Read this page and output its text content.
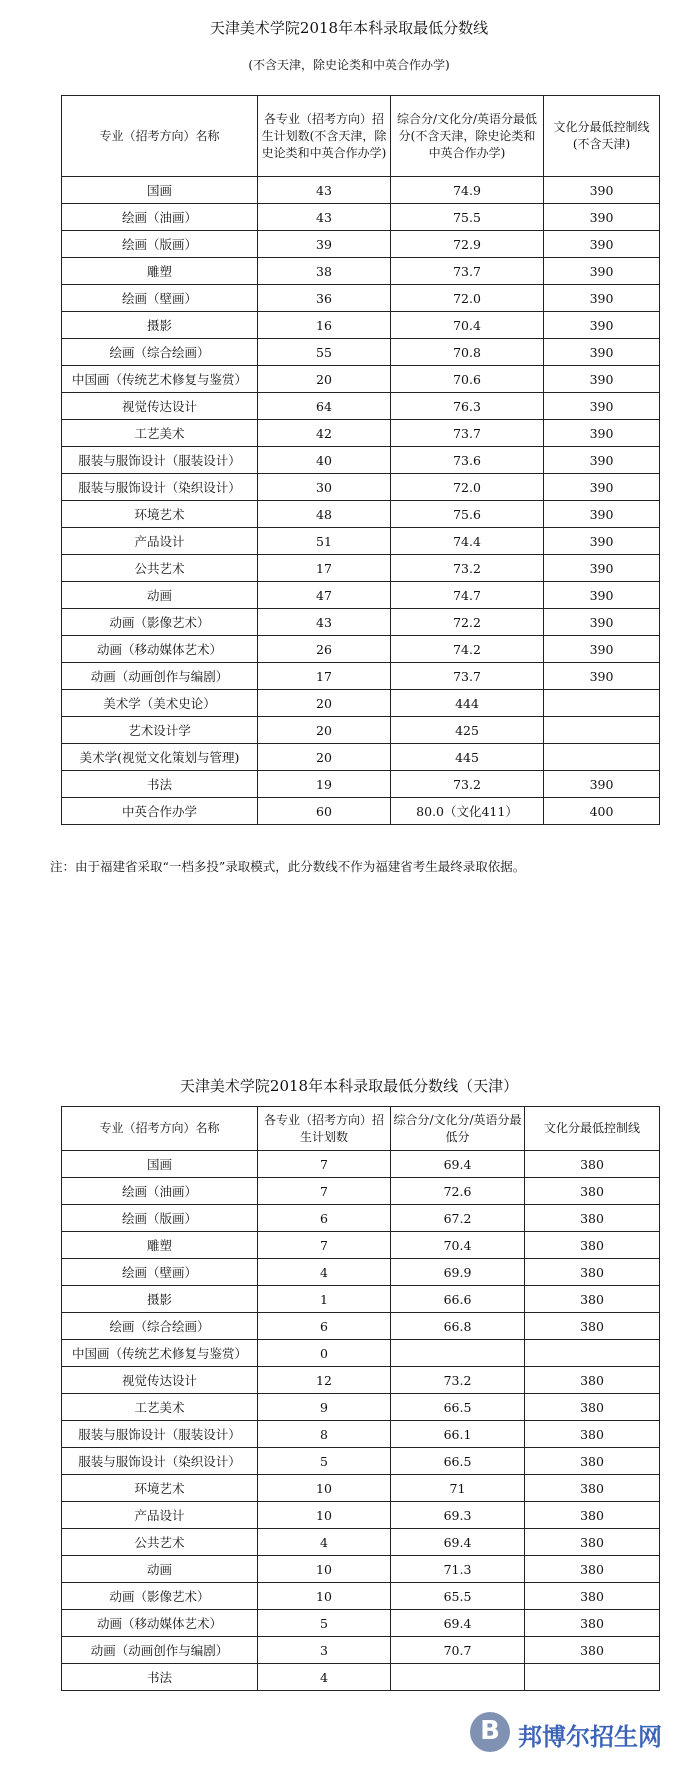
天津美术学院2018年本科录取最低分数线
(不含天津，除史论类和中英合作办学)
专业（招考方向）名称	各专业（招考方向）招生计划数(不含天津，除史论类和中英合作办学)	综合分/文化分/英语分最低分(不含天津，除史论类和中英合作办学)	文化分最低控制线(不含天津)
国画	43	74.9	390
绘画（油画）	43	75.5	390
绘画（版画）	39	72.9	390
雕塑	38	73.7	390
绘画（壁画）	36	72.0	390
摄影	16	70.4	390
绘画（综合绘画）	55	70.8	390
中国画（传统艺术修复与鉴赏）	20	70.6	390
视觉传达设计	64	76.3	390
工艺美术	42	73.7	390
服装与服饰设计（服装设计）	40	73.6	390
服装与服饰设计（染织设计）	30	72.0	390
环境艺术	48	75.6	390
产品设计	51	74.4	390
公共艺术	17	73.2	390
动画	47	74.7	390
动画（影像艺术）	43	72.2	390
动画（移动媒体艺术）	26	74.2	390
动画（动画创作与编剧）	17	73.7	390
美术学（美术史论）	20	444	
艺术设计学	20	425	
美术学(视觉文化策划与管理)	20	445	
书法	19	73.2	390
中英合作办学	60	80.0（文化411）	400
注：由于福建省采取“一档多投”录取模式，此分数线不作为福建省考生最终录取依据。
天津美术学院2018年本科录取最低分数线（天津）
专业（招考方向）名称	各专业（招考方向）招生计划数	综合分/文化分/英语分最低分	文化分最低控制线
国画	7	69.4	380
绘画（油画）	7	72.6	380
绘画（版画）	6	67.2	380
雕塑	7	70.4	380
绘画（壁画）	4	69.9	380
摄影	1	66.6	380
绘画（综合绘画）	6	66.8	380
中国画（传统艺术修复与鉴赏）	0		
视觉传达设计	12	73.2	380
工艺美术	9	66.5	380
服装与服饰设计（服装设计）	8	66.1	380
服装与服饰设计（染织设计）	5	66.5	380
环境艺术	10	71	380
产品设计	10	69.3	380
公共艺术	4	69.4	380
动画	10	71.3	380
动画（影像艺术）	10	65.5	380
动画（移动媒体艺术）	5	69.4	380
动画（动画创作与编剧）	3	70.7	380
书法	4		
B 邦博尔招生网
